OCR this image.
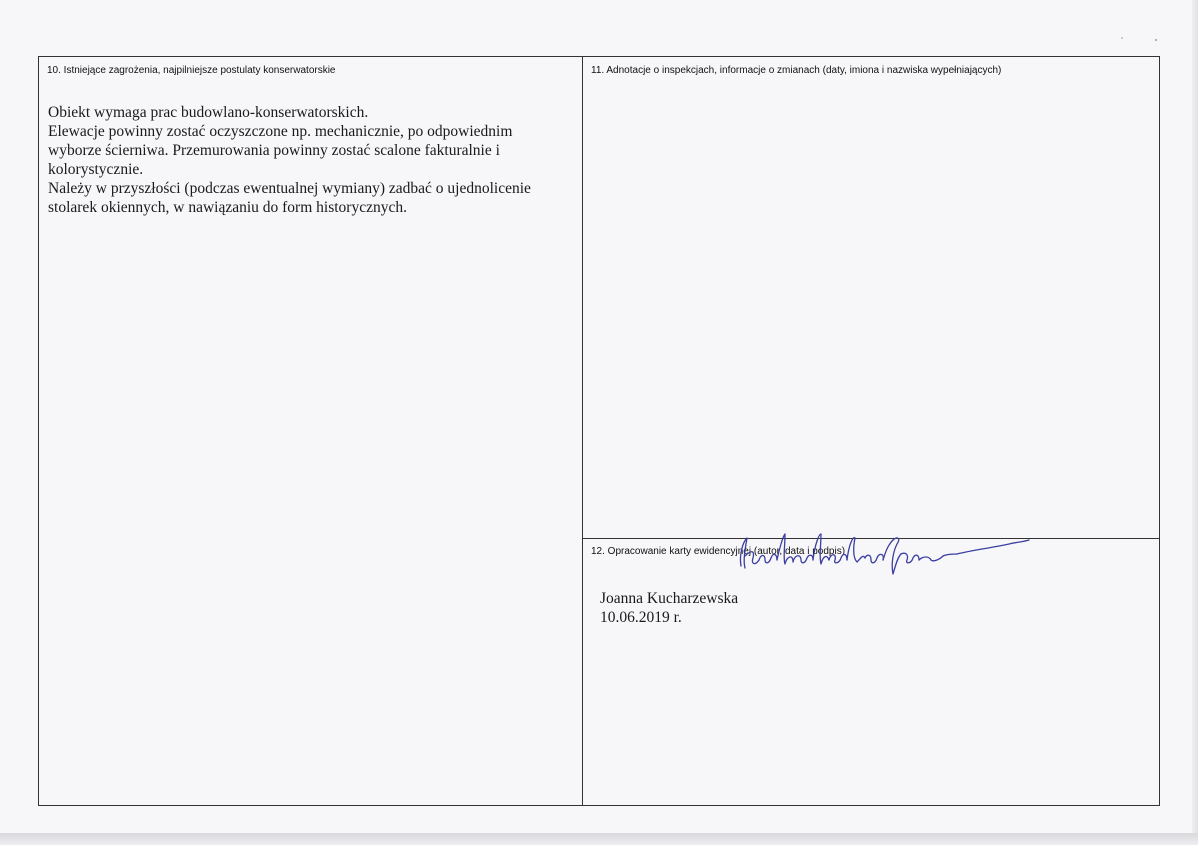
10. Istniejące zagrożenia, najpilniejsze postulaty konserwatorskie

Obiekt wymaga prac budowlano-konserwatorskich.

Elewacje powinny zostać oczyszczone np. mechanicznie, po odpowiednim wyborze ścierniwa. Przemurowania powinny zostać scalone fakturalnie i kolorystycznie.

Należy w przyszłości (podczas ewentualnej wymiany) zadbać o ujednolicenie stolarek okiennych, w nawiązaniu do form historycznych.

11. Adnotacje o inspekcjach, informacje o zmianach (daty, imiona i nazwiska wypełniających)
12. Opracowanie karty ewidencyjnej (autor, data i podpis)
Joanna Kucharzewska
10.06.2019 r.
